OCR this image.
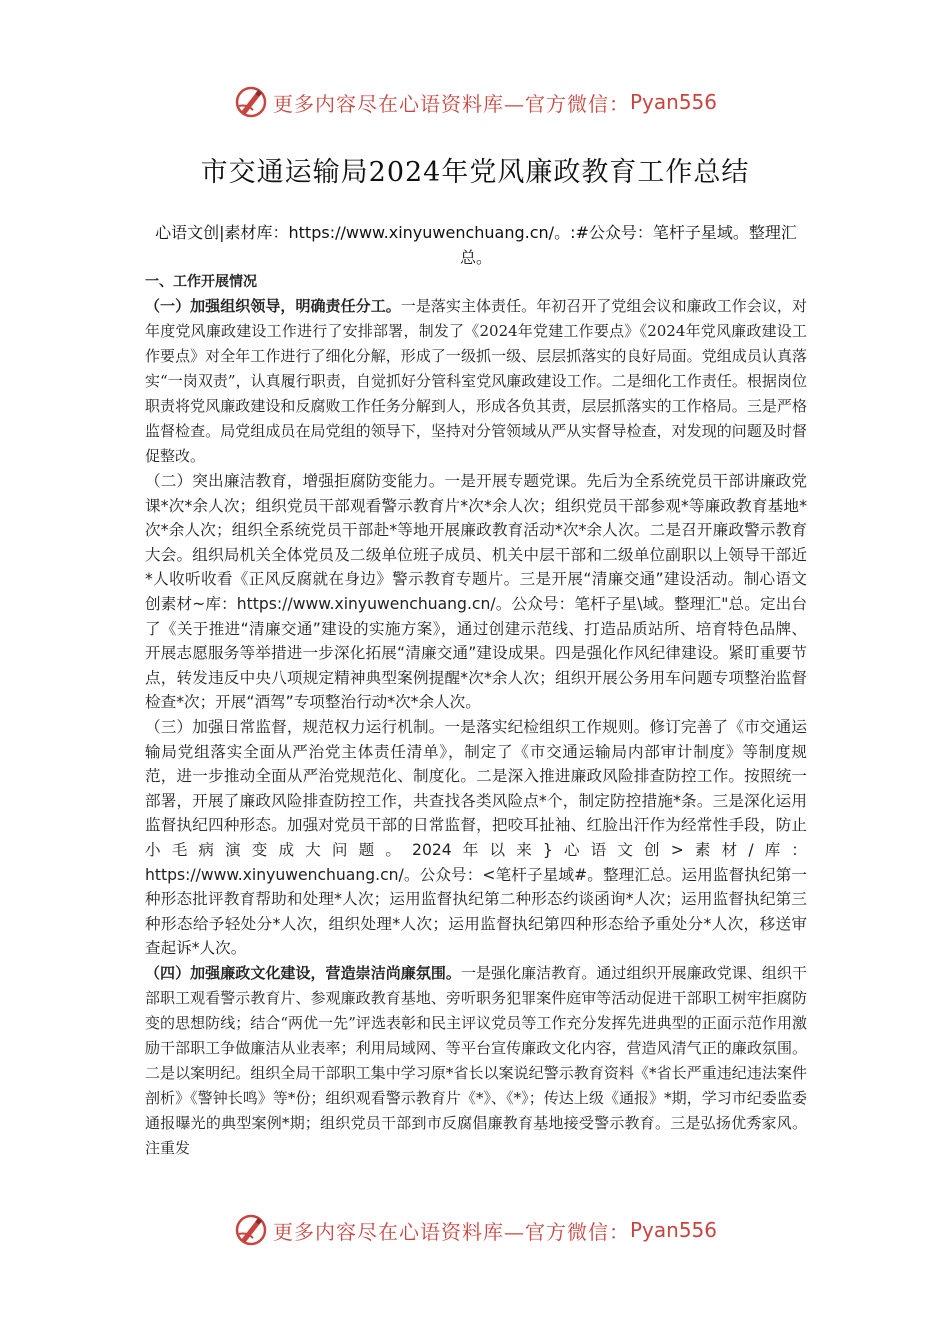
更多内容尽在心语资料库—官方微信： Pyan556
市交通运输局2024年党风廉政教育工作总结
心语文创|素材库：https://www.xinyuwenchuang.cn/。:#公众号：笔杆子星域。整理汇总。
一、工作开展情况

（一）加强组织领导，明确责任分工。一是落实主体责任。年初召开了党组会议和廉政工作会议，对年度党风廉政建设工作进行了安排部署，制发了《2024年党建工作要点》《2024年党风廉政建设工作要点》对全年工作进行了细化分解，形成了一级抓一级、层层抓落实的良好局面。党组成员认真落实“一岗双责”，认真履行职责，自觉抓好分管科室党风廉政建设工作。二是细化工作责任。根据岗位职责将党风廉政建设和反腐败工作任务分解到人，形成各负其责，层层抓落实的工作格局。三是严格监督检查。局党组成员在局党组的领导下，坚持对分管领域从严从实督导检查，对发现的问题及时督促整改。

（二）突出廉洁教育，增强拒腐防变能力。一是开展专题党课。先后为全系统党员干部讲廉政党课*次*余人次；组织党员干部观看警示教育片*次*余人次；组织党员干部参观*等廉政教育基地*次*余人次；组织全系统党员干部赴*等地开展廉政教育活动*次*余人次。二是召开廉政警示教育大会。组织局机关全体党员及二级单位班子成员、机关中层干部和二级单位副职以上领导干部近*人收听收看《正风反腐就在身边》警示教育专题片。三是开展“清廉交通”建设活动。制心语文创素材~库：https://www.xinyuwenchuang.cn/。公众号：笔杆子星\域。整理汇"总。定出台了《关于推进“清廉交通”建设的实施方案》，通过创建示范线、打造品质站所、培育特色品牌、开展志愿服务等举措进一步深化拓展“清廉交通”建设成果。四是强化作风纪律建设。紧盯重要节点，转发违反中央八项规定精神典型案例提醒*次*余人次；组织开展公务用车问题专项整治监督检查*次；开展“酒驾”专项整治行动*次*余人次。

（三）加强日常监督，规范权力运行机制。一是落实纪检组织工作规则。修订完善了《市交通运输局党组落实全面从严治党主体责任清单》，制定了《市交通运输局内部审计制度》等制度规范，进一步推动全面从严治党规范化、制度化。二是深入推进廉政风险排查防控工作。按照统一部署，开展了廉政风险排查防控工作，共查找各类风险点*个，制定防控措施*条。三是深化运用监督执纪四种形态。加强对党员干部的日常监督，把咬耳扯袖、红脸出汗作为经常性手段，防止小毛病演变成大问题。2024年以来}心语文创>素材/库：https://www.xinyuwenchuang.cn/。公众号：<笔杆子星域#。整理汇总。运用监督执纪第一种形态批评教育帮助和处理*人次；运用监督执纪第二种形态约谈函询*人次；运用监督执纪第三种形态给予轻处分*人次，组织处理*人次；运用监督执纪第四种形态给予重处分*人次，移送审查起诉*人次。

（四）加强廉政文化建设，营造崇洁尚廉氛围。一是强化廉洁教育。通过组织开展廉政党课、组织干部职工观看警示教育片、参观廉政教育基地、旁听职务犯罪案件庭审等活动促进干部职工树牢拒腐防变的思想防线；结合“两优一先”评选表彰和民主评议党员等工作充分发挥先进典型的正面示范作用激励干部职工争做廉洁从业表率；利用局域网、等平台宣传廉政文化内容，营造风清气正的廉政氛围。二是以案明纪。组织全局干部职工集中学习原*省长以案说纪警示教育资料《*省长严重违纪违法案件剖析》《警钟长鸣》等*份；组织观看警示教育片《*》、《*》；传达上级《通报》*期，学习市纪委监委通报曝光的典型案例*期；组织党员干部到市反腐倡廉教育基地接受警示教育。三是弘扬优秀家风。注重发

更多内容尽在心语资料库—官方微信： Pyan556
